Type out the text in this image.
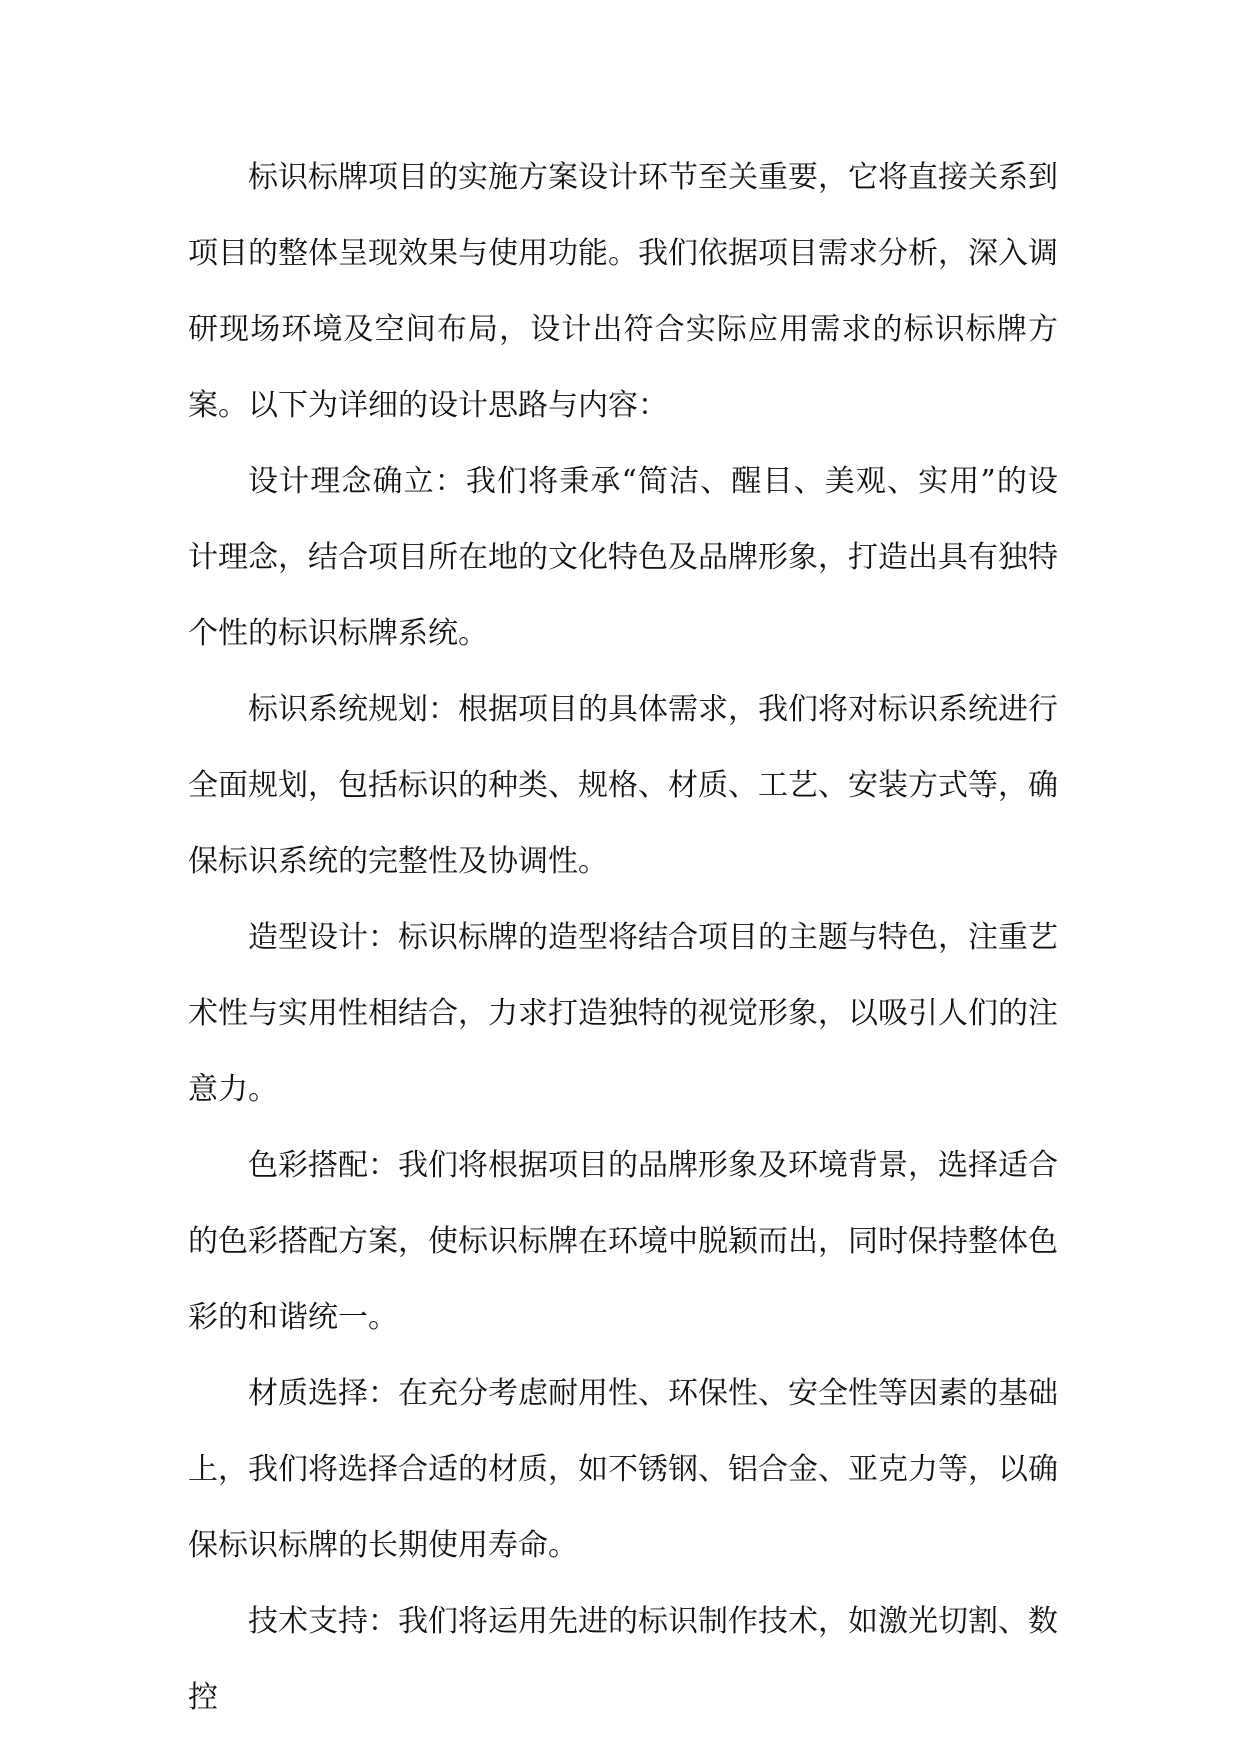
标识标牌项目的实施方案设计环节至关重要，它将直接关系到项目的整体呈现效果与使用功能。我们依据项目需求分析，深入调研现场环境及空间布局，设计出符合实际应用需求的标识标牌方案。以下为详细的设计思路与内容：

设计理念确立：我们将秉承“简洁、醒目、美观、实用”的设计理念，结合项目所在地的文化特色及品牌形象，打造出具有独特个性的标识标牌系统。

标识系统规划：根据项目的具体需求，我们将对标识系统进行全面规划，包括标识的种类、规格、材质、工艺、安装方式等，确保标识系统的完整性及协调性。

造型设计：标识标牌的造型将结合项目的主题与特色，注重艺术性与实用性相结合，力求打造独特的视觉形象，以吸引人们的注意力。

色彩搭配：我们将根据项目的品牌形象及环境背景，选择适合的色彩搭配方案，使标识标牌在环境中脱颖而出，同时保持整体色彩的和谐统一。

材质选择：在充分考虑耐用性、环保性、安全性等因素的基础上，我们将选择合适的材质，如不锈钢、铝合金、亚克力等，以确保标识标牌的长期使用寿命。

技术支持：我们将运用先进的标识制作技术，如激光切割、数控
